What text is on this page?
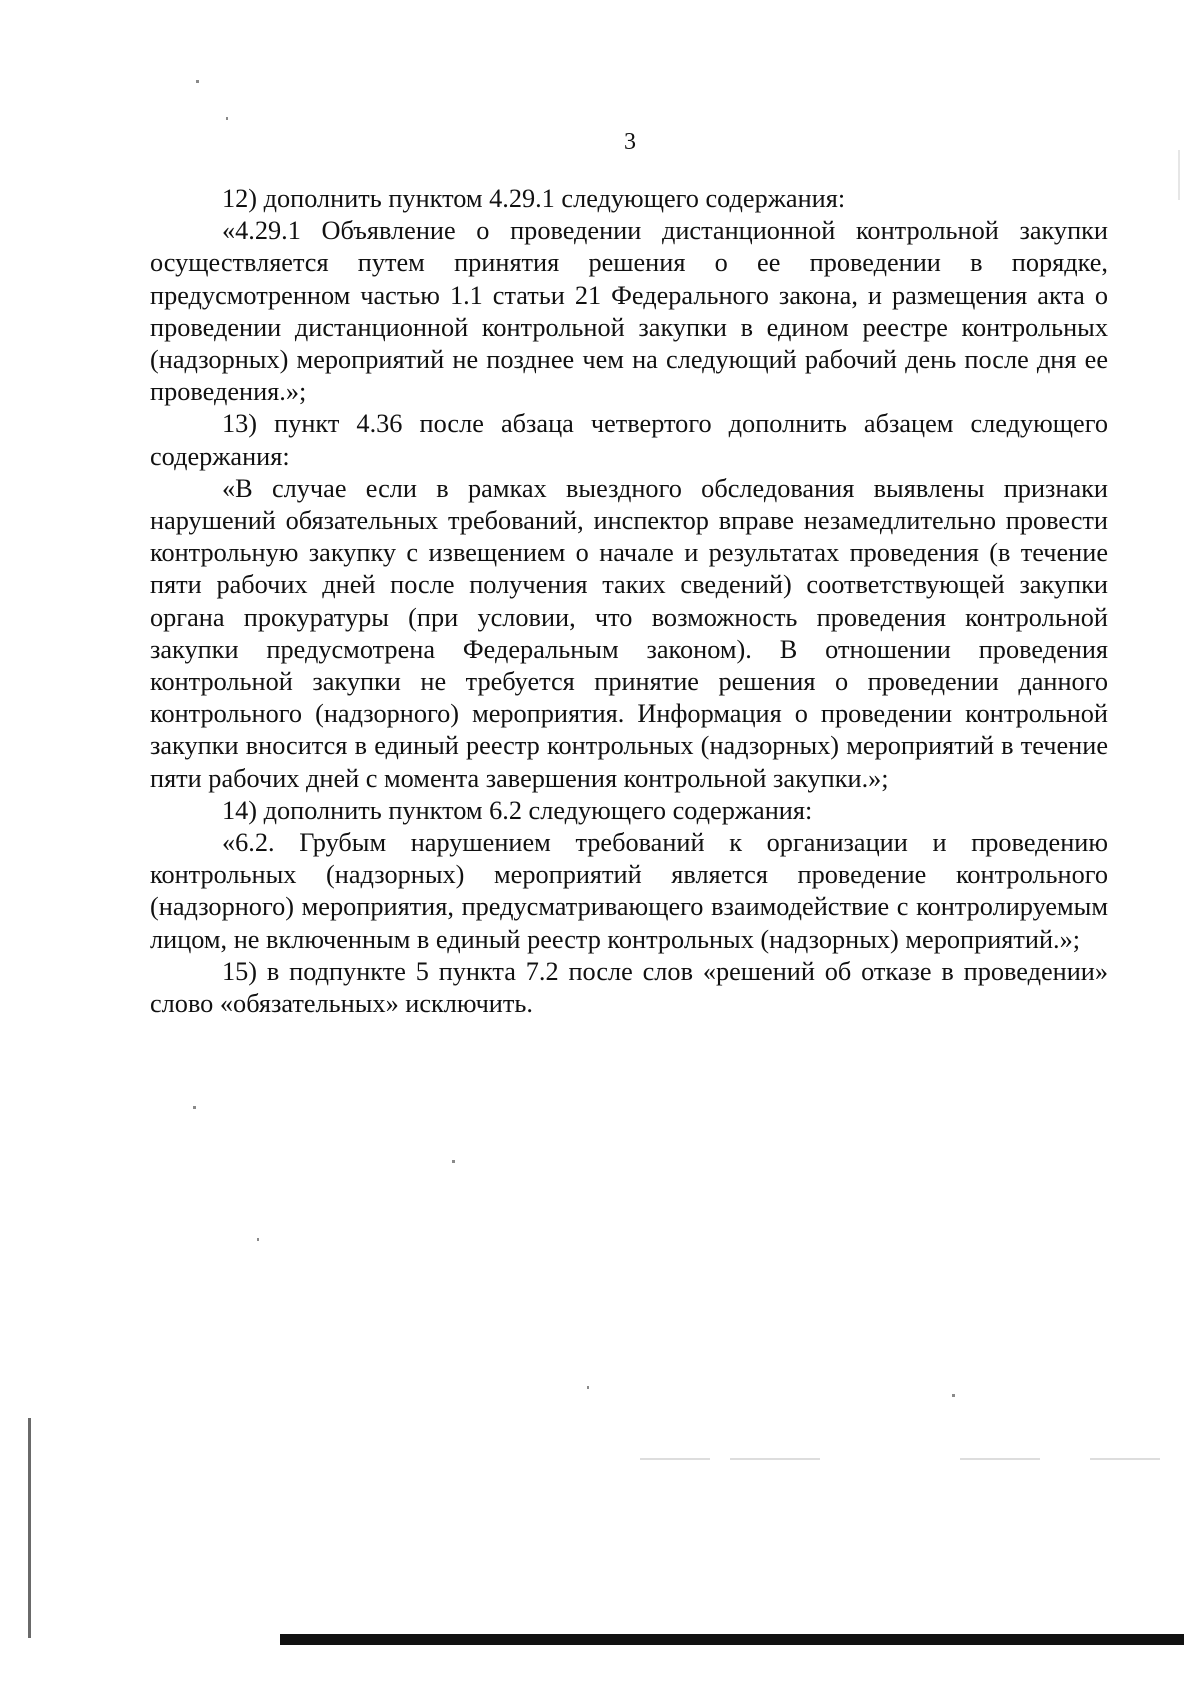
3

12) дополнить пунктом 4.29.1 следующего содержания:

«4.29.1 Объявление о проведении дистанционной контрольной закупки осуществляется путем принятия решения о ее проведении в порядке, предусмотренном частью 1.1 статьи 21 Федерального закона, и размещения акта о проведении дистанционной контрольной закупки в едином реестре контрольных (надзорных) мероприятий не позднее чем на следующий рабочий день после дня ее проведения.»;

13) пункт 4.36 после абзаца четвертого дополнить абзацем следующего содержания:

«В случае если в рамках выездного обследования выявлены признаки нарушений обязательных требований, инспектор вправе незамедлительно провести контрольную закупку с извещением о начале и результатах проведения (в течение пяти рабочих дней после получения таких сведений) соответствующей закупки органа прокуратуры (при условии, что возможность проведения контрольной закупки предусмотрена Федеральным законом). В отношении проведения контрольной закупки не требуется принятие решения о проведении данного контрольного (надзорного) мероприятия. Информация о проведении контрольной закупки вносится в единый реестр контрольных (надзорных) мероприятий в течение пяти рабочих дней с момента завершения контрольной закупки.»;

14) дополнить пунктом 6.2 следующего содержания:

«6.2. Грубым нарушением требований к организации и проведению контрольных (надзорных) мероприятий является проведение контрольного (надзорного) мероприятия, предусматривающего взаимодействие с контролируемым лицом, не включенным в единый реестр контрольных (надзорных) мероприятий.»;

15) в подпункте 5 пункта 7.2 после слов «решений об отказе в проведении» слово «обязательных» исключить.
